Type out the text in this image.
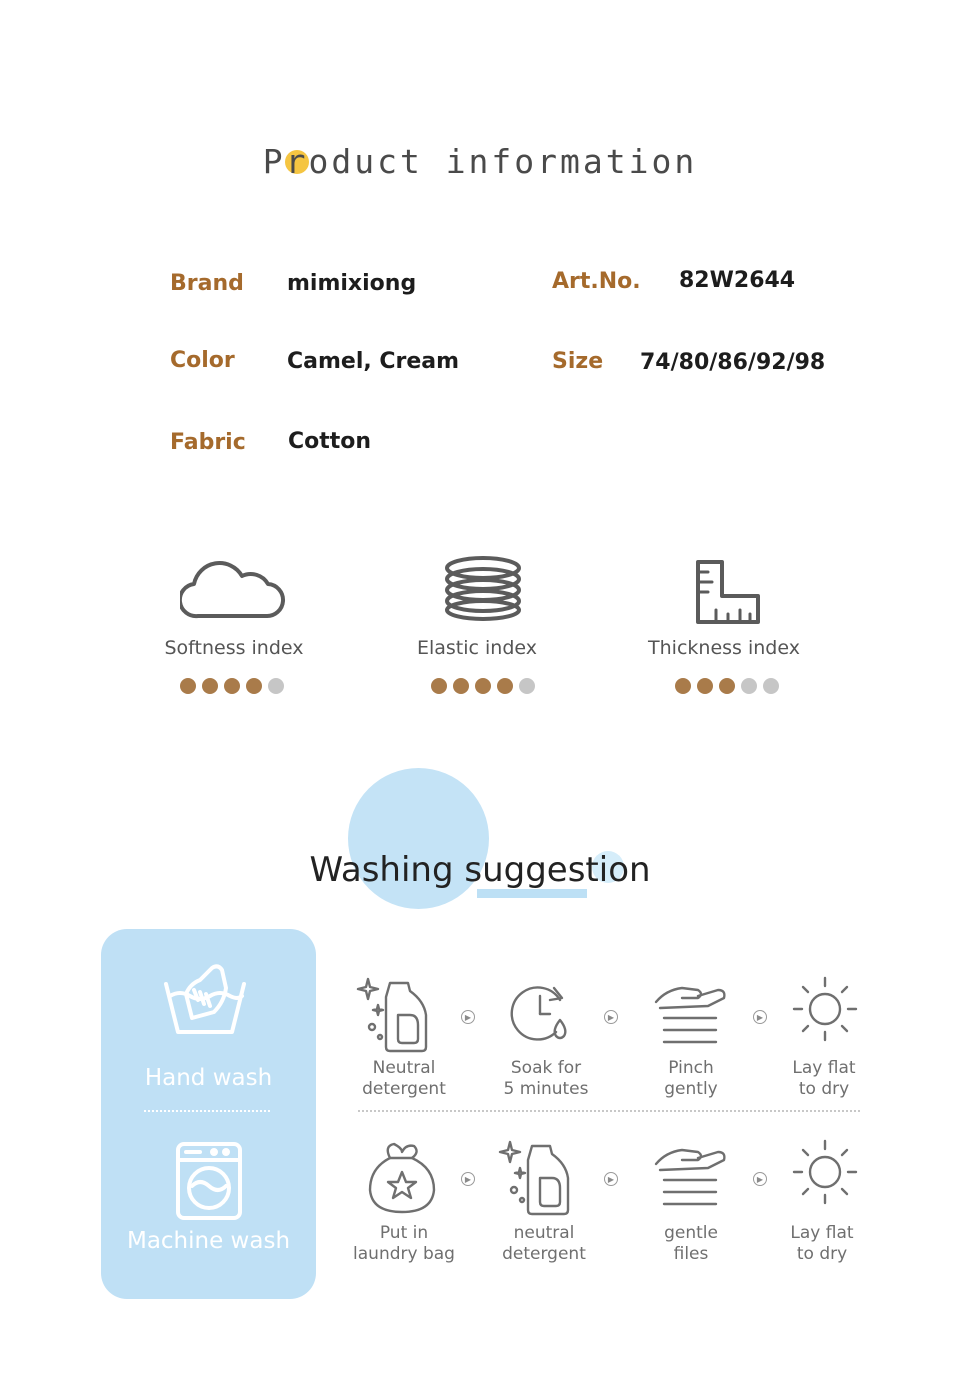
Product information
Brand mimixiong	Art.No. 82W2644
Color Camel, Cream	Size 74/80/86/92/98
Fabric Cotton
Softness index	Elastic index	Thickness index
Washing suggestion
Hand wash
Machine wash
Neutral
detergent
▶
Soak for
5 minutes
▶
Pinch
gently
▶
Lay flat
to dry
Put in
laundry bag
▶
neutral
detergent
▶
gentle
files
▶
Lay flat
to dry
